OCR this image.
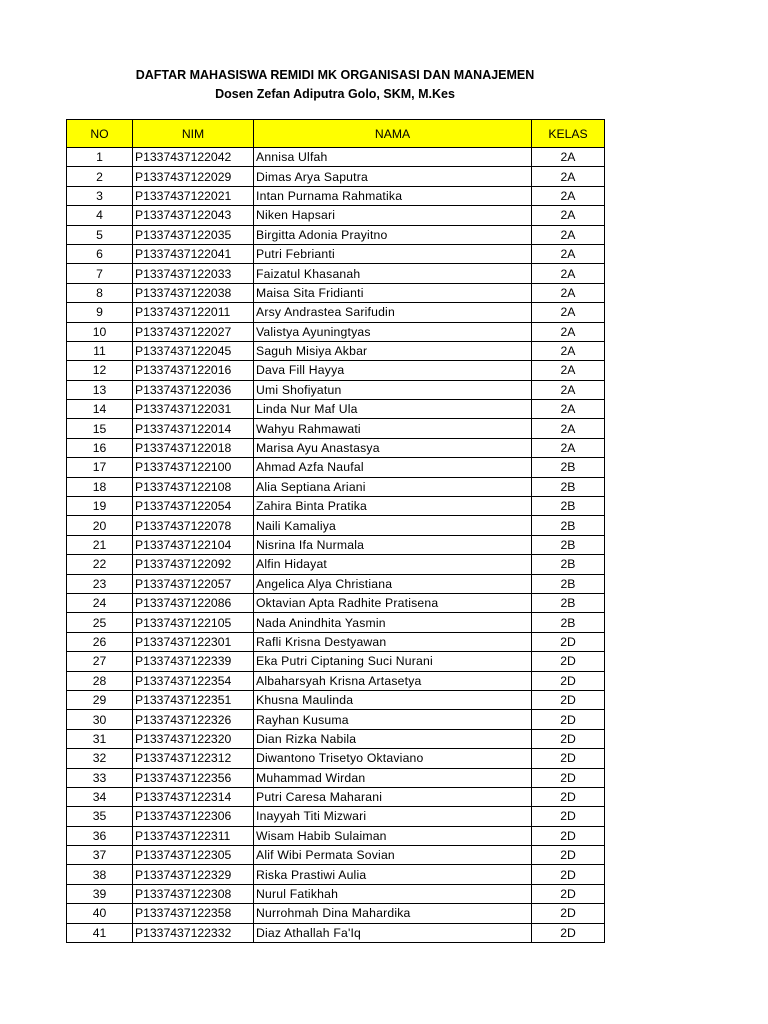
DAFTAR MAHASISWA REMIDI MK ORGANISASI DAN MANAJEMEN
Dosen Zefan Adiputra Golo, SKM, M.Kes
NO	NIM	NAMA	KELAS
1	P1337437122042	Annisa Ulfah	2A
2	P1337437122029	Dimas Arya Saputra	2A
3	P1337437122021	Intan Purnama Rahmatika	2A
4	P1337437122043	Niken Hapsari	2A
5	P1337437122035	Birgitta Adonia Prayitno	2A
6	P1337437122041	Putri Febrianti	2A
7	P1337437122033	Faizatul Khasanah	2A
8	P1337437122038	Maisa Sita Fridianti	2A
9	P1337437122011	Arsy Andrastea Sarifudin	2A
10	P1337437122027	Valistya Ayuningtyas	2A
11	P1337437122045	Saguh Misiya Akbar	2A
12	P1337437122016	Dava Fill Hayya	2A
13	P1337437122036	Umi Shofiyatun	2A
14	P1337437122031	Linda Nur Maf Ula	2A
15	P1337437122014	Wahyu Rahmawati	2A
16	P1337437122018	Marisa Ayu Anastasya	2A
17	P1337437122100	Ahmad Azfa Naufal	2B
18	P1337437122108	Alia Septiana Ariani	2B
19	P1337437122054	Zahira Binta Pratika	2B
20	P1337437122078	Naili Kamaliya	2B
21	P1337437122104	Nisrina Ifa Nurmala	2B
22	P1337437122092	Alfin Hidayat	2B
23	P1337437122057	Angelica Alya Christiana	2B
24	P1337437122086	Oktavian Apta Radhite Pratisena	2B
25	P1337437122105	Nada Anindhita Yasmin	2B
26	P1337437122301	Rafli Krisna Destyawan	2D
27	P1337437122339	Eka Putri Ciptaning Suci Nurani	2D
28	P1337437122354	Albaharsyah Krisna Artasetya	2D
29	P1337437122351	Khusna Maulinda	2D
30	P1337437122326	Rayhan Kusuma	2D
31	P1337437122320	Dian Rizka Nabila	2D
32	P1337437122312	Diwantono Trisetyo Oktaviano	2D
33	P1337437122356	Muhammad Wirdan	2D
34	P1337437122314	Putri Caresa Maharani	2D
35	P1337437122306	Inayyah Titi Mizwari	2D
36	P1337437122311	Wisam Habib Sulaiman	2D
37	P1337437122305	Alif Wibi Permata Sovian	2D
38	P1337437122329	Riska Prastiwi Aulia	2D
39	P1337437122308	Nurul Fatikhah	2D
40	P1337437122358	Nurrohmah Dina Mahardika	2D
41	P1337437122332	Diaz Athallah Fa'Iq	2D
